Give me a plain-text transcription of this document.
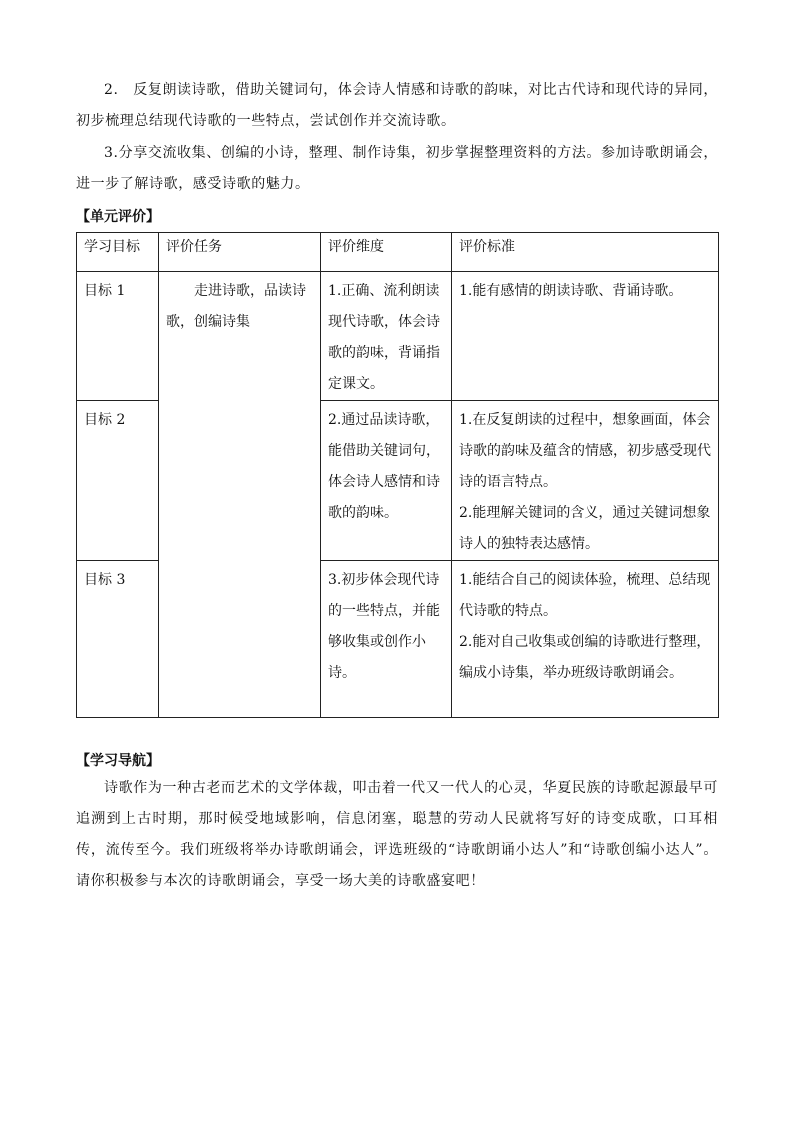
2.　反复朗读诗歌，借助关键词句，体会诗人情感和诗歌的韵味，对比古代诗和现代诗的异同，初步梳理总结现代诗歌的一些特点，尝试创作并交流诗歌。

3.分享交流收集、创编的小诗，整理、制作诗集，初步掌握整理资料的方法。参加诗歌朗诵会，进一步了解诗歌，感受诗歌的魅力。

【单元评价】

学习目标	评价任务	评价维度	评价标准
目标 1	走进诗歌，品读诗歌，创编诗集	1.正确、流利朗读现代诗歌，体会诗歌的韵味，背诵指定课文。	1.能有感情的朗读诗歌、背诵诗歌。

目标 2		2.通过品读诗歌，能借助关键词句，体会诗人感情和诗歌的韵味。	1.在反复朗读的过程中，想象画面，体会诗歌的韵味及蕴含的情感，初步感受现代诗的语言特点。
2.能理解关键词的含义，通过关键词想象诗人的独特表达感情。

目标 3		3.初步体会现代诗的一些特点，并能够收集或创作小诗。	1.能结合自己的阅读体验，梳理、总结现代诗歌的特点。
2.能对自己收集或创编的诗歌进行整理，编成小诗集，举办班级诗歌朗诵会。

【学习导航】

诗歌作为一种古老而艺术的文学体裁，叩击着一代又一代人的心灵，华夏民族的诗歌起源最早可追溯到上古时期，那时候受地域影响，信息闭塞，聪慧的劳动人民就将写好的诗变成歌，口耳相传，流传至今。我们班级将举办诗歌朗诵会，评选班级的“诗歌朗诵小达人”和“诗歌创编小达人”。请你积极参与本次的诗歌朗诵会，享受一场大美的诗歌盛宴吧！
